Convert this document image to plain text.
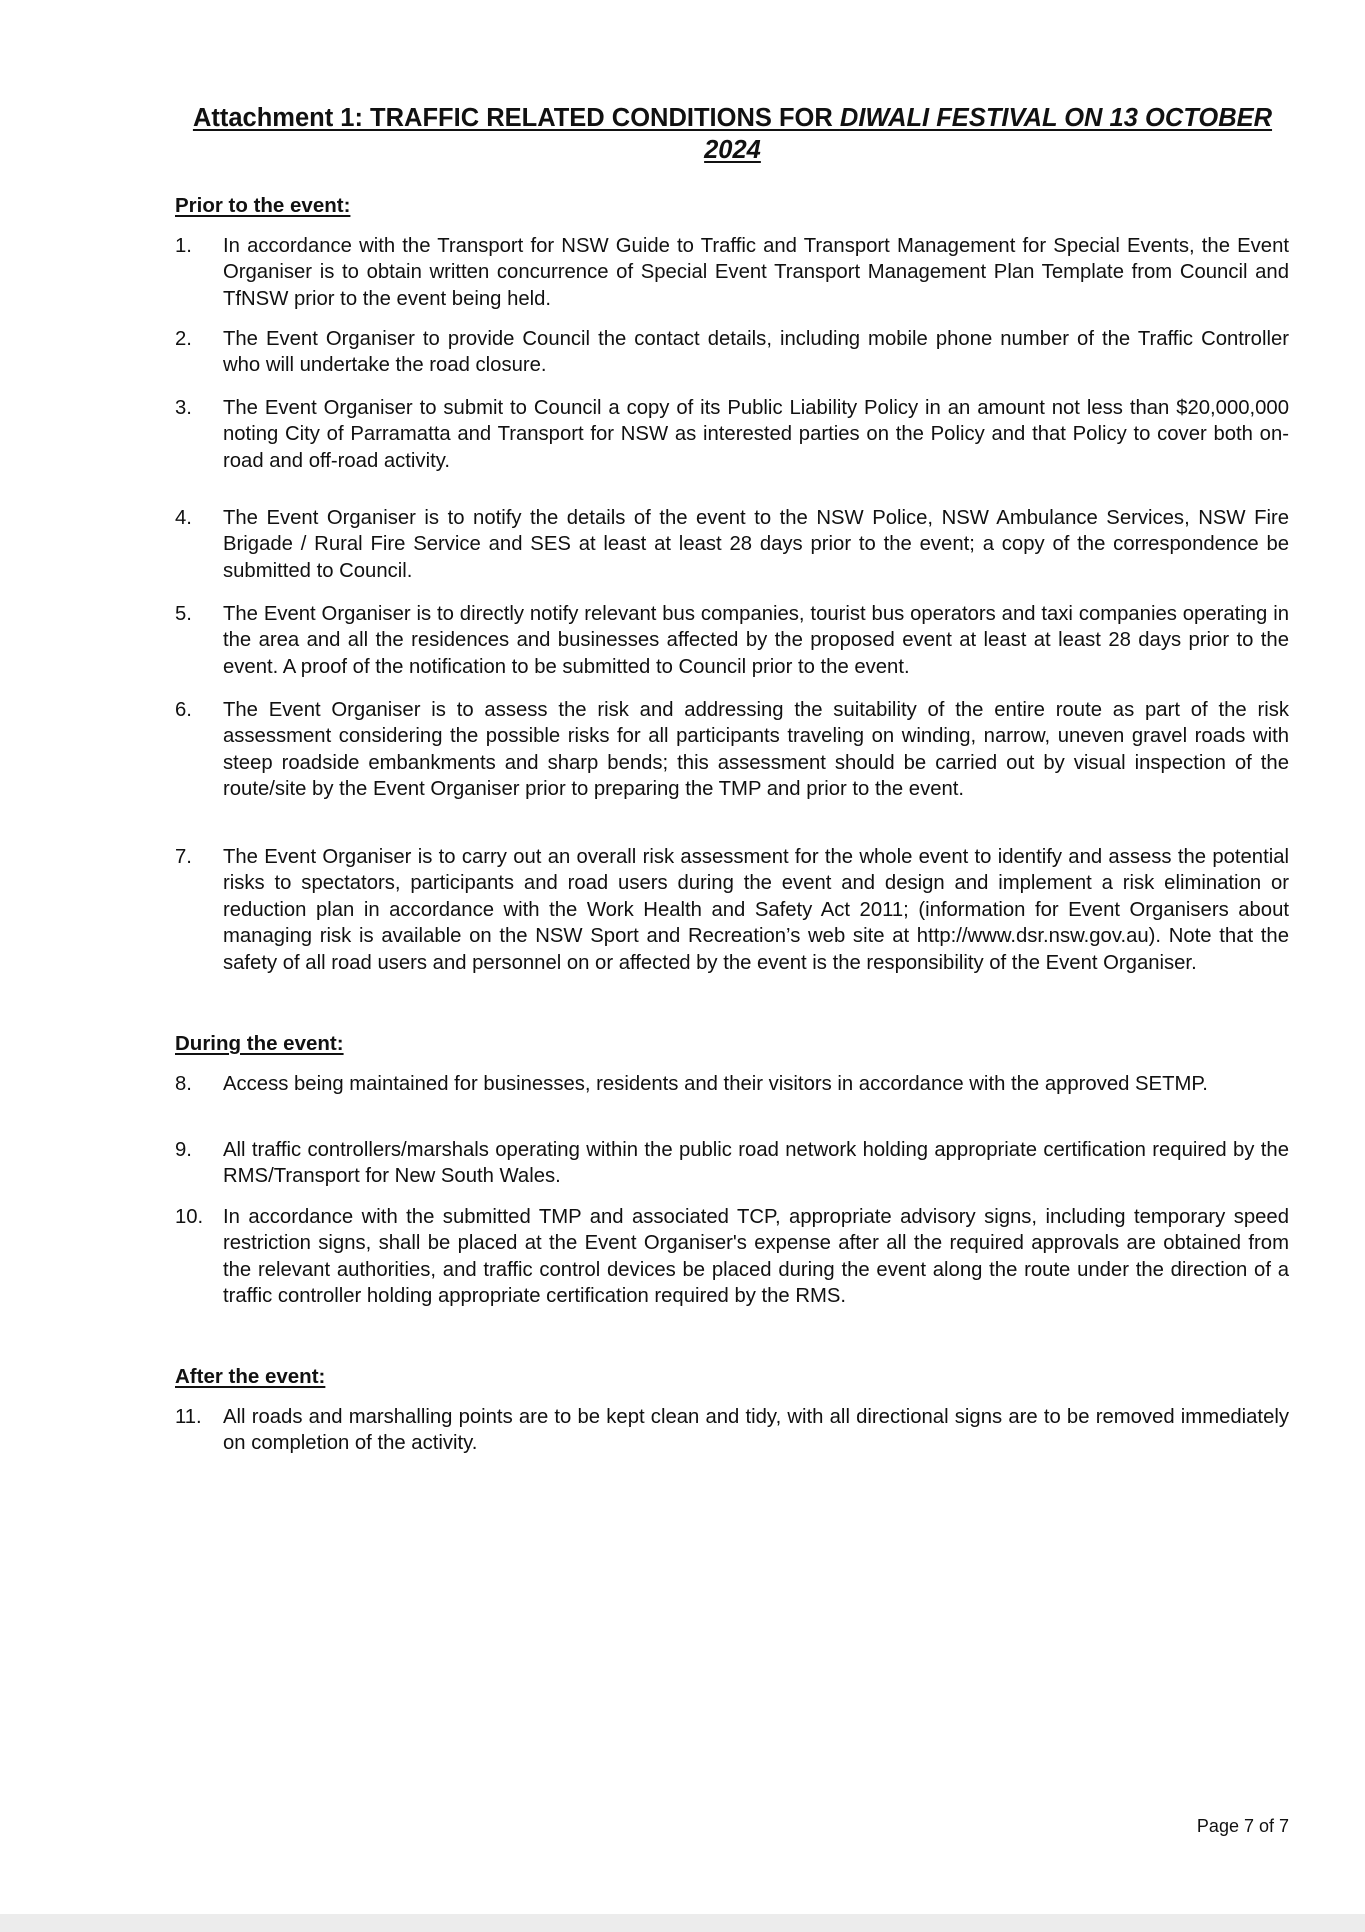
Attachment 1: TRAFFIC RELATED CONDITIONS FOR DIWALI FESTIVAL ON 13 OCTOBER 2024
Prior to the event:
1.	In accordance with the Transport for NSW Guide to Traffic and Transport Management for Special Events, the Event Organiser is to obtain written concurrence of Special Event Transport Management Plan Template from Council and TfNSW prior to the event being held.
2.	The Event Organiser to provide Council the contact details, including mobile phone number of the Traffic Controller who will undertake the road closure.
3.	The Event Organiser to submit to Council a copy of its Public Liability Policy in an amount not less than $20,000,000 noting City of Parramatta and Transport for NSW as interested parties on the Policy and that Policy to cover both on-road and off-road activity.
4.	The Event Organiser is to notify the details of the event to the NSW Police, NSW Ambulance Services, NSW Fire Brigade / Rural Fire Service and SES at least at least 28 days prior to the event; a copy of the correspondence be submitted to Council.
5.	The Event Organiser is to directly notify relevant bus companies, tourist bus operators and taxi companies operating in the area and all the residences and businesses affected by the proposed event at least at least 28 days prior to the event. A proof of the notification to be submitted to Council prior to the event.
6.	The Event Organiser is to assess the risk and addressing the suitability of the entire route as part of the risk assessment considering the possible risks for all participants traveling on winding, narrow, uneven gravel roads with steep roadside embankments and sharp bends; this assessment should be carried out by visual inspection of the route/site by the Event Organiser prior to preparing the TMP and prior to the event.
7.	The Event Organiser is to carry out an overall risk assessment for the whole event to identify and assess the potential risks to spectators, participants and road users during the event and design and implement a risk elimination or reduction plan in accordance with the Work Health and Safety Act 2011; (information for Event Organisers about managing risk is available on the NSW Sport and Recreation’s web site at http://www.dsr.nsw.gov.au). Note that the safety of all road users and personnel on or affected by the event is the responsibility of the Event Organiser.
During the event:
8.	Access being maintained for businesses, residents and their visitors in accordance with the approved SETMP.
9.	All traffic controllers/marshals operating within the public road network holding appropriate certification required by the RMS/Transport for New South Wales.
10. In accordance with the submitted TMP and associated TCP, appropriate advisory signs, including temporary speed restriction signs, shall be placed at the Event Organiser's expense after all the required approvals are obtained from the relevant authorities, and traffic control devices be placed during the event along the route under the direction of a traffic controller holding appropriate certification required by the RMS.
After the event:
11.	All roads and marshalling points are to be kept clean and tidy, with all directional signs are to be removed immediately on completion of the activity.
Page 7 of 7
